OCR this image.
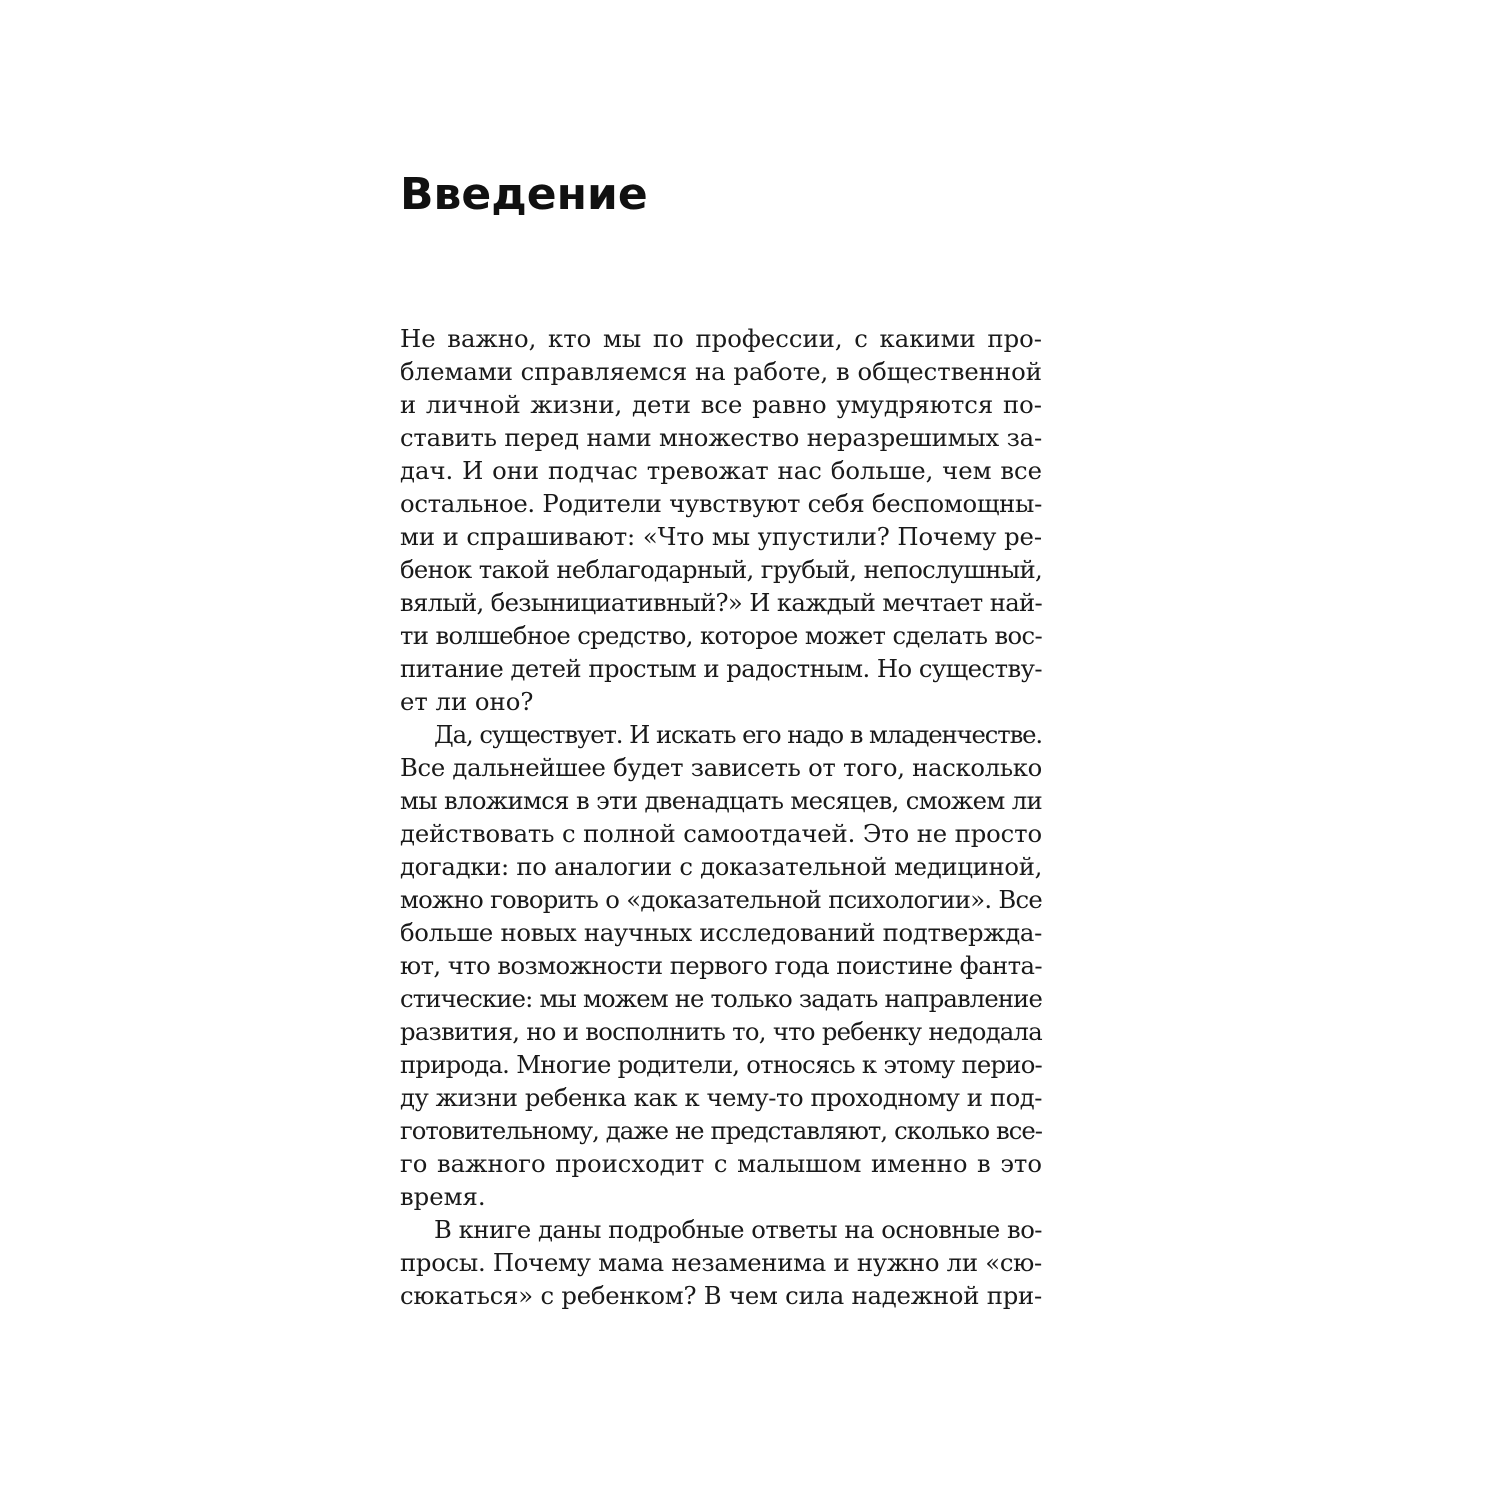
Введение
Не важно, кто мы по профессии, с какими про-
блемами справляемся на работе, в общественной
и личной жизни, дети все равно умудряются по-
ставить перед нами множество неразрешимых за-
дач. И они подчас тревожат нас больше, чем все
остальное. Родители чувствуют себя беспомощны-
ми и спрашивают: «Что мы упустили? Почему ре-
бенок такой неблагодарный, грубый, непослушный,
вялый, безынициативный?» И каждый мечтает най-
ти волшебное средство, которое может сделать вос-
питание детей простым и радостным. Но существу-
ет ли оно?
Да, существует. И искать его надо в младенчестве.
Все дальнейшее будет зависеть от того, насколько
мы вложимся в эти двенадцать месяцев, сможем ли
действовать с полной самоотдачей. Это не просто
догадки: по аналогии с доказательной медициной,
можно говорить о «доказательной психологии». Все
больше новых научных исследований подтвержда-
ют, что возможности первого года поистине фанта-
стические: мы можем не только задать направление
развития, но и восполнить то, что ребенку недодала
природа. Многие родители, относясь к этому перио-
ду жизни ребенка как к чему-то проходному и под-
готовительному, даже не представляют, сколько все-
го важного происходит с малышом именно в это
время.
В книге даны подробные ответы на основные во-
просы. Почему мама незаменима и нужно ли «сю-
сюкаться» с ребенком? В чем сила надежной при-
